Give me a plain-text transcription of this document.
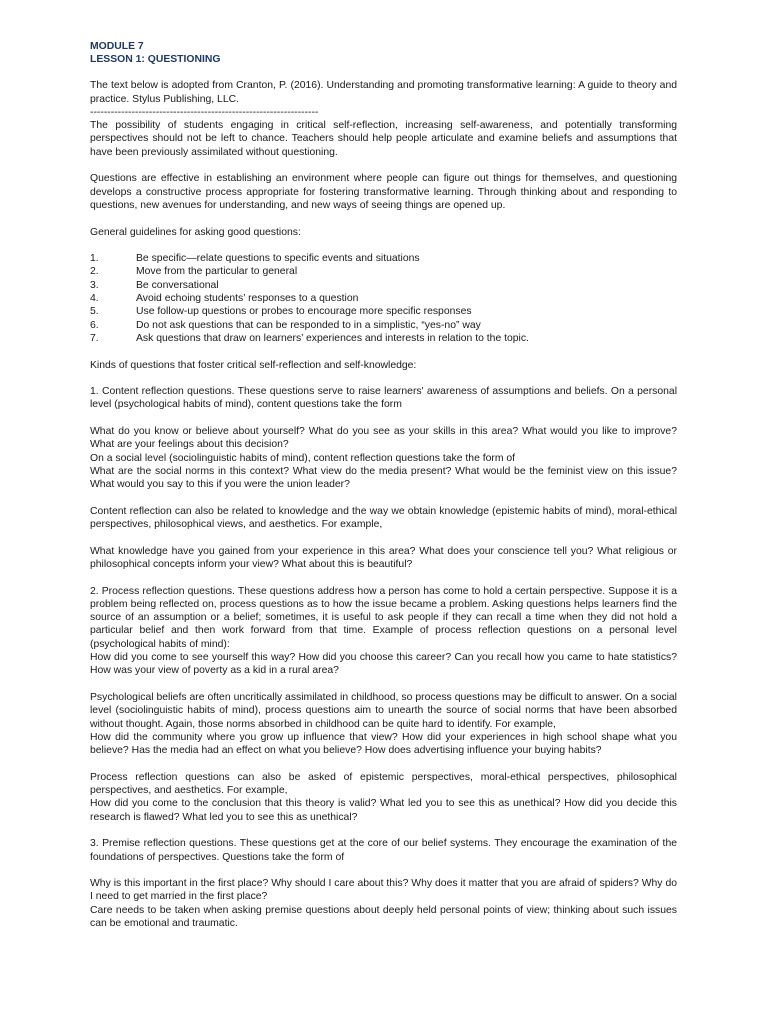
MODULE 7
LESSON 1: QUESTIONING

The text below is adopted from Cranton, P. (2016). Understanding and promoting transformative learning: A guide to theory and practice. Stylus Publishing, LLC.

------------------------------------------------------------------

The possibility of students engaging in critical self-reflection, increasing self-awareness, and potentially transforming perspectives should not be left to chance. Teachers should help people articulate and examine beliefs and assumptions that have been previously assimilated without questioning.

Questions are effective in establishing an environment where people can figure out things for themselves, and questioning develops a constructive process appropriate for fostering transformative learning. Through thinking about and responding to questions, new avenues for understanding, and new ways of seeing things are opened up.

General guidelines for asking good questions:

1.	Be specific—relate questions to specific events and situations
2.	Move from the particular to general
3.	Be conversational
4.	Avoid echoing students’ responses to a question
5.	Use follow-up questions or probes to encourage more specific responses
6.	Do not ask questions that can be responded to in a simplistic, “yes-no” way
7.	Ask questions that draw on learners’ experiences and interests in relation to the topic.

Kinds of questions that foster critical self-reflection and self-knowledge:

1. Content reflection questions. These questions serve to raise learners' awareness of assumptions and beliefs. On a personal level (psychological habits of mind), content questions take the form

What do you know or believe about yourself? What do you see as your skills in this area? What would you like to improve? What are your feelings about this decision?

On a social level (sociolinguistic habits of mind), content reflection questions take the form of

What are the social norms in this context? What view do the media present? What would be the feminist view on this issue? What would you say to this if you were the union leader?

Content reflection can also be related to knowledge and the way we obtain knowledge (epistemic habits of mind), moral-ethical perspectives, philosophical views, and aesthetics. For example,

What knowledge have you gained from your experience in this area? What does your conscience tell you? What religious or philosophical concepts inform your view? What about this is beautiful?

2. Process reflection questions. These questions address how a person has come to hold a certain perspective. Suppose it is a problem being reflected on, process questions as to how the issue became a problem. Asking questions helps learners find the source of an assumption or a belief; sometimes, it is useful to ask people if they can recall a time when they did not hold a particular belief and then work forward from that time. Example of process reflection questions on a personal level (psychological habits of mind):

How did you come to see yourself this way? How did you choose this career? Can you recall how you came to hate statistics? How was your view of poverty as a kid in a rural area?

Psychological beliefs are often uncritically assimilated in childhood, so process questions may be difficult to answer. On a social level (sociolinguistic habits of mind), process questions aim to unearth the source of social norms that have been absorbed without thought. Again, those norms absorbed in childhood can be quite hard to identify. For example,

How did the community where you grow up influence that view? How did your experiences in high school shape what you believe? Has the media had an effect on what you believe? How does advertising influence your buying habits?

Process reflection questions can also be asked of epistemic perspectives, moral-ethical perspectives, philosophical perspectives, and aesthetics. For example,

How did you come to the conclusion that this theory is valid? What led you to see this as unethical? How did you decide this research is flawed? What led you to see this as unethical?

3. Premise reflection questions. These questions get at the core of our belief systems. They encourage the examination of the foundations of perspectives. Questions take the form of

Why is this important in the first place? Why should I care about this? Why does it matter that you are afraid of spiders? Why do I need to get married in the first place?

Care needs to be taken when asking premise questions about deeply held personal points of view; thinking about such issues can be emotional and traumatic.
